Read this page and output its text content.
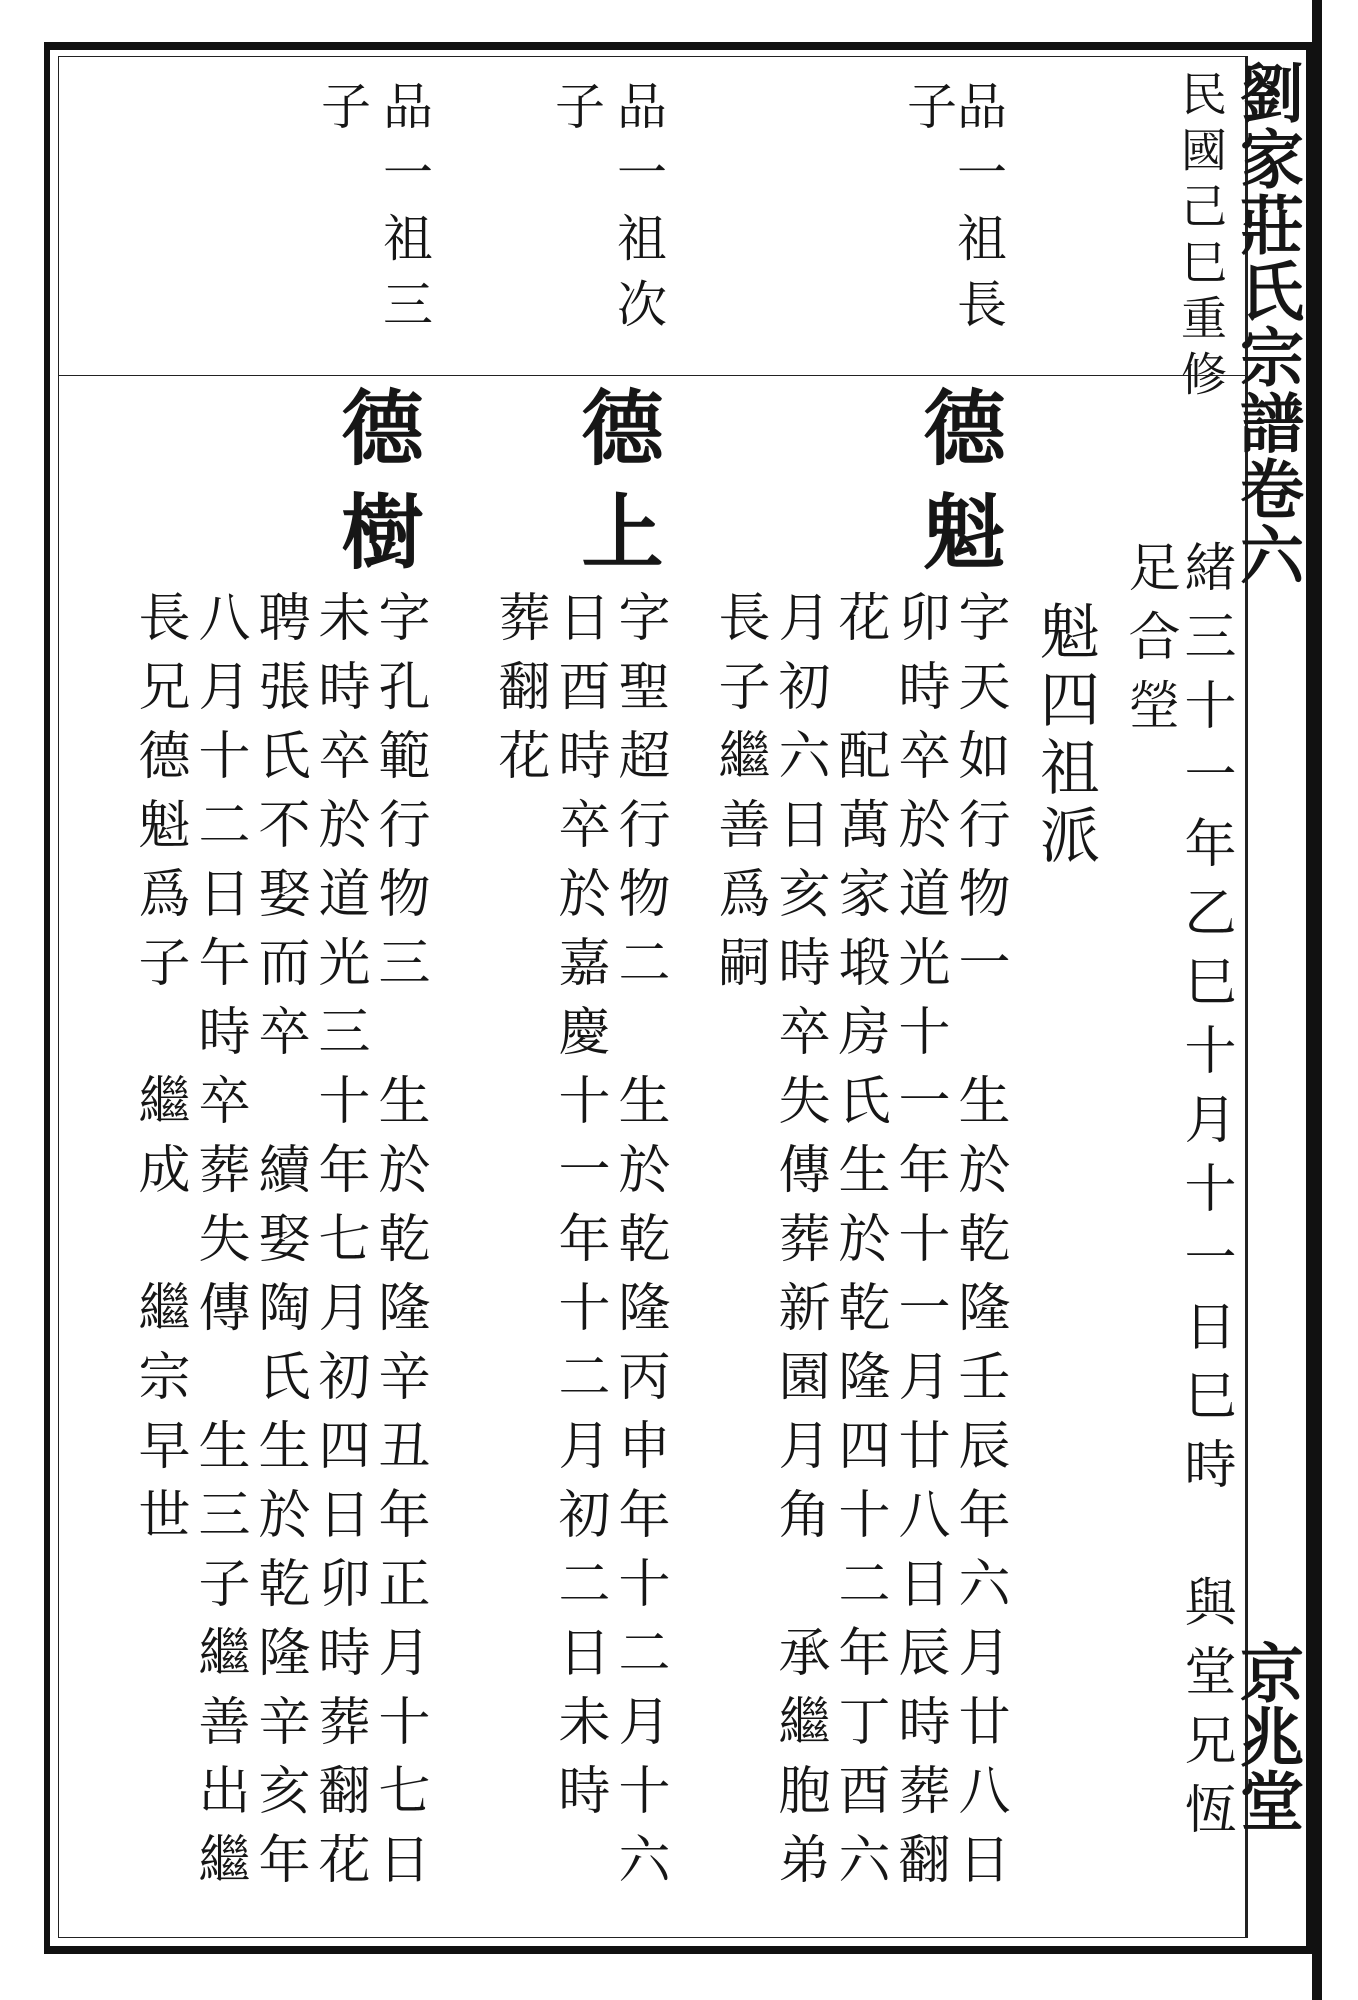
劉家莊氏宗譜卷六
京兆堂
緒三十一年乙巳十月十一日巳時　與堂兄恆
民國己巳重修
足合塋
魁四祖派
品一祖長
子
德魁
字天如行物一　生於乾隆壬辰年六月廿八日
卯時卒於道光十一年十一月廿八日辰時葬翻
花　配萬家塅房氏生於乾隆四十二年丁酉六
月初六日亥時卒失傳葬新園月角　承繼胞弟
長子繼善爲嗣
品一祖次
子
德上
字聖超行物二　生於乾隆丙申年十二月十六
日酉時卒於嘉慶十一年十二月初二日未時
葬翻花
品一祖三
子
德樹
字孔範行物三　生於乾隆辛丑年正月十七日
未時卒於道光三十年七月初四日卯時葬翻花
聘張氏不娶而卒　續娶陶氏生於乾隆辛亥年
八月十二日午時卒葬失傳　生三子繼善出繼
長兄德魁爲子　繼成　繼宗早世
